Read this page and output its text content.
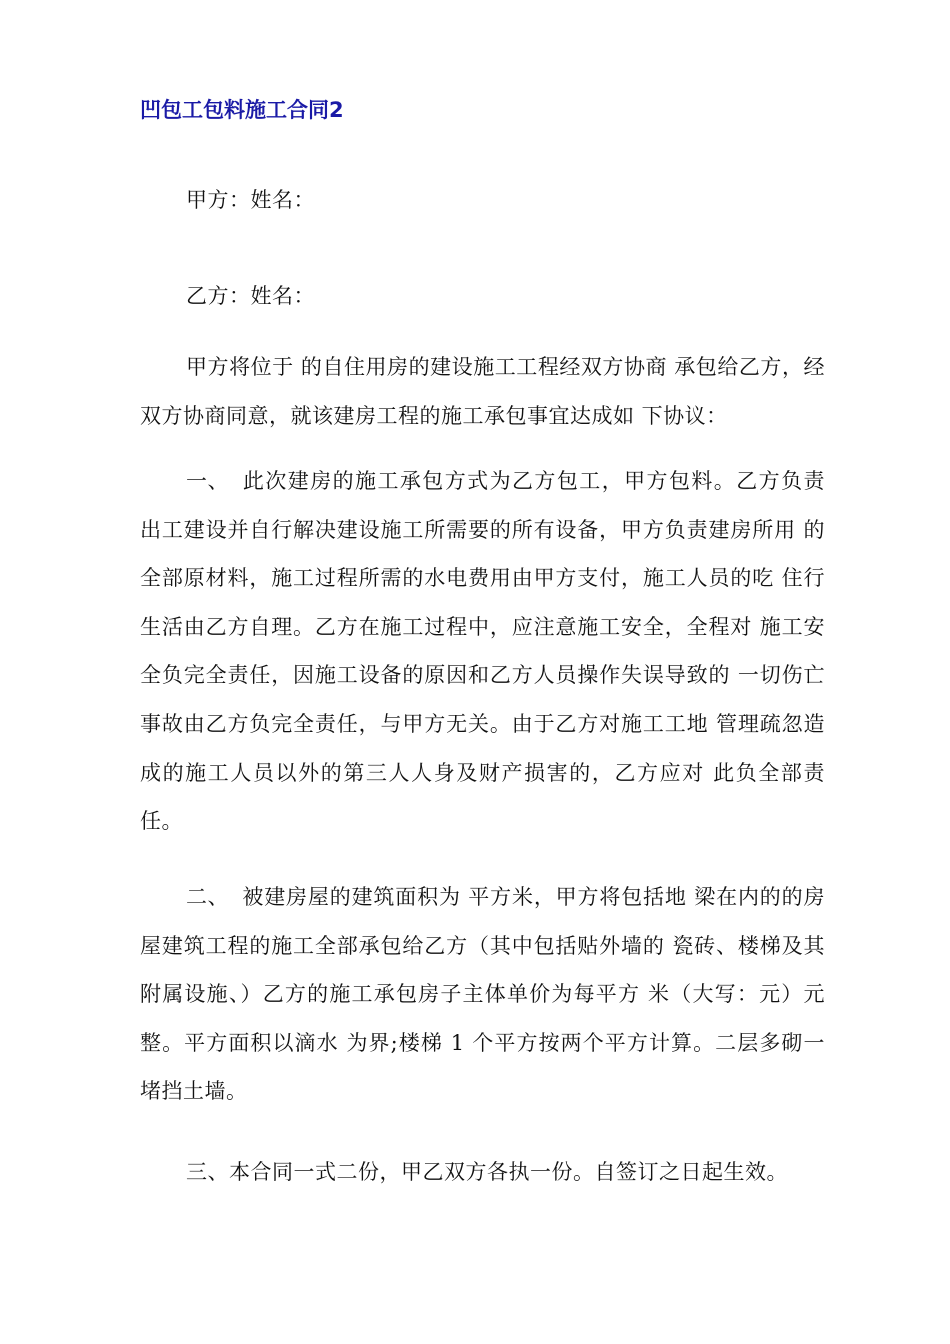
凹包工包料施工合同2

甲方：姓名：

乙方：姓名：

甲方将位于 的自住用房的建设施工工程经双方协商 承包给乙方，经双方协商同意，就该建房工程的施工承包事宜达成如 下协议：

一、 此次建房的施工承包方式为乙方包工，甲方包料。乙方负责 出工建设并自行解决建设施工所需要的所有设备，甲方负责建房所用 的全部原材料，施工过程所需的水电费用由甲方支付，施工人员的吃 住行生活由乙方自理。乙方在施工过程中，应注意施工安全，全程对 施工安全负完全责任，因施工设备的原因和乙方人员操作失误导致的 一切伤亡事故由乙方负完全责任，与甲方无关。由于乙方对施工工地 管理疏忽造成的施工人员以外的第三人人身及财产损害的，乙方应对 此负全部责任。

二、 被建房屋的建筑面积为 平方米，甲方将包括地 梁在内的的房屋建筑工程的施工全部承包给乙方（其中包括贴外墙的 瓷砖、楼梯及其附属设施、）乙方的施工承包房子主体单价为每平方 米（大写：元）元整。平方面积以滴水 为界;楼梯 1 个平方按两个平方计算。二层多砌一堵挡土墙。

三、本合同一式二份，甲乙双方各执一份。自签订之日起生效。
